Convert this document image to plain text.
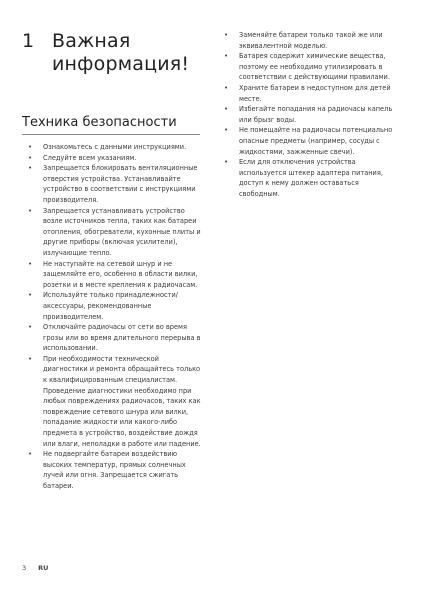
1 Важная
информация!
Техника безопасности
• Ознакомьтесь с данными инструкциями.
• Следуйте всем указаниям.
• Запрещается блокировать вентиляционные отверстия устройства. Устанавливайте устройство в соответствии с инструкциями производителя.
• Запрещается устанавливать устройство возле источников тепла, таких как батареи отопления, обогреватели, кухонные плиты и другие приборы (включая усилители), излучающие тепло.
• Не наступайте на сетевой шнур и не защемляйте его, особенно в области вилки, розетки и в месте крепления к радиочасам.
• Используйте только принадлежности/аксессуары, рекомендованные производителем.
• Отключайте радиочасы от сети во время грозы или во время длительного перерыва в использовании.
• При необходимости технической диагностики и ремонта обращайтесь только к квалифицированным специалистам. Проведение диагностики необходимо при любых повреждениях радиочасов, таких как повреждение сетевого шнура или вилки, попадание жидкости или какого-либо предмета в устройство, воздействие дождя или влаги, неполадки в работе или падение.
• Не подвергайте батареи воздействию высоких температур, прямых солнечных лучей или огня. Запрещается сжигать батареи.
• Заменяйте батареи только такой же или эквивалентной моделью.
• Батарея содержит химические вещества, поэтому ее необходимо утилизировать в соответствии с действующими правилами.
• Храните батареи в недоступном для детей месте.
• Избегайте попадания на радиочасы капель или брызг воды.
• Не помещайте на радиочасы потенциально опасные предметы (например, сосуды с жидкостями, зажженные свечи).
• Если для отключения устройства используется штекер адаптера питания, доступ к нему должен оставаться свободным.
3 RU
